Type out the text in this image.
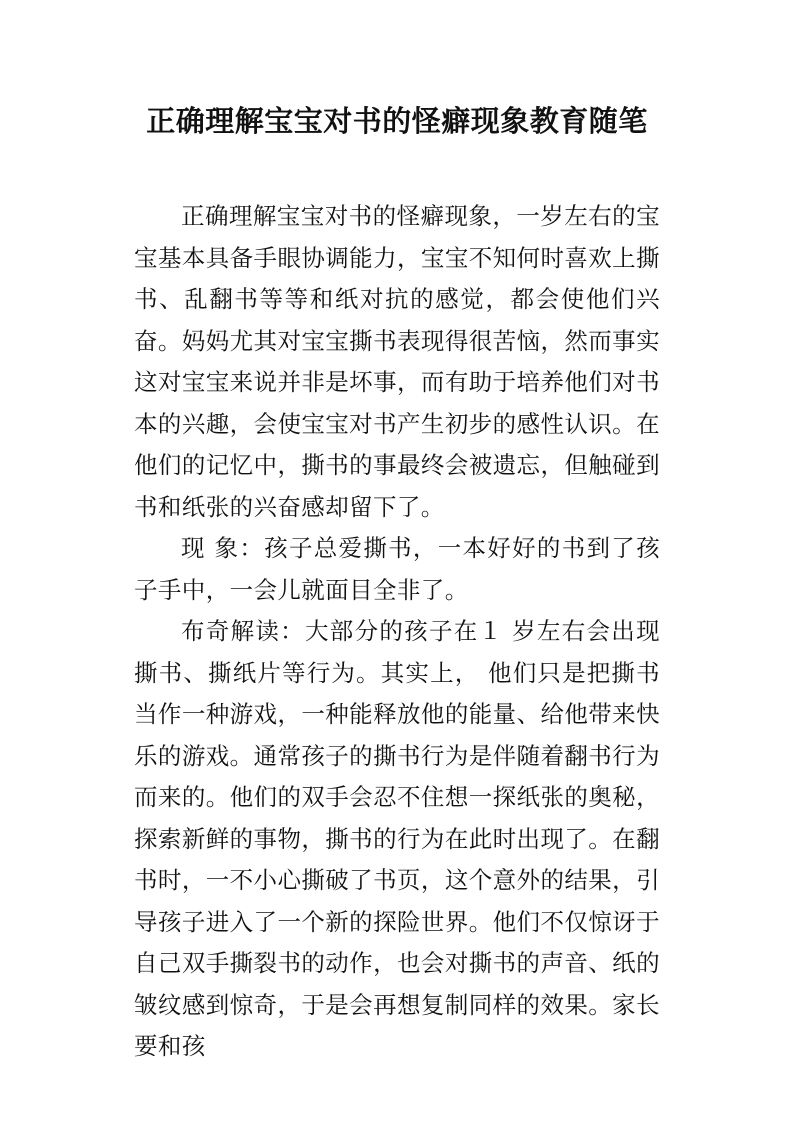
正确理解宝宝对书的怪癖现象教育随笔

正确理解宝宝对书的怪癖现象，一岁左右的宝宝基本具备手眼协调能力，宝宝不知何时喜欢上撕书、乱翻书等等和纸对抗的感觉，都会使他们兴奋。妈妈尤其对宝宝撕书表现得很苦恼，然而事实这对宝宝来说并非是坏事，而有助于培养他们对书本的兴趣，会使宝宝对书产生初步的感性认识。在他们的记忆中，撕书的事最终会被遗忘，但触碰到书和纸张的兴奋感却留下了。

现 象：孩子总爱撕书，一本好好的书到了孩子手中，一会儿就面目全非了。

布奇解读：大部分的孩子在１ 岁左右会出现撕书、撕纸片等行为。其实上， 他们只是把撕书当作一种游戏，一种能释放他的能量、给他带来快乐的游戏。通常孩子的撕书行为是伴随着翻书行为而来的。他们的双手会忍不住想一探纸张的奥秘，探索新鲜的事物，撕书的行为在此时出现了。在翻书时，一不小心撕破了书页，这个意外的结果，引导孩子进入了一个新的探险世界。他们不仅惊讶于自己双手撕裂书的动作，也会对撕书的声音、纸的皱纹感到惊奇，于是会再想复制同样的效果。家长要和孩
